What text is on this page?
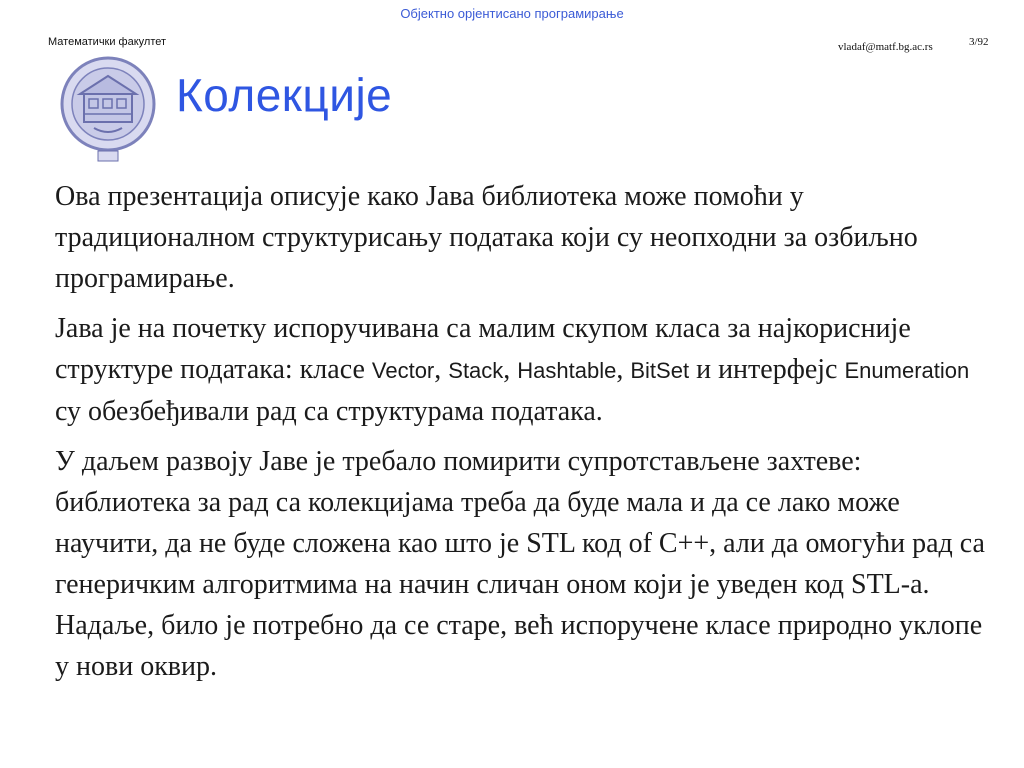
Објектно орјентисано програмирање
Математички факултет	vladaf@matf.bg.ac.rs	3/92
Колекције

Ова презентација описује како Јава библиотека може помоћи у традиционалном структурисању података који су неопходни за озбиљно програмирање.

Јава је на почетку испоручивана са малим скупом класа за најкорисније структуре података: класе Vector, Stack, Hashtable, BitSet и интерфејс Enumeration су обезбеђивали рад са структурама података.

У даљем развоју Јаве је требало помирити супротстављене захтеве: библиотека за рад са колекцијама треба да буде мала и да се лако може научити, да не буде сложена као што је STL код of C++, али да омогући рад са генеричким алгоритмима на начин сличан оном који је уведен код STL-а. Надаље, било је потребно да се старе, већ испоручене класе природно уклопе у нови оквир.
